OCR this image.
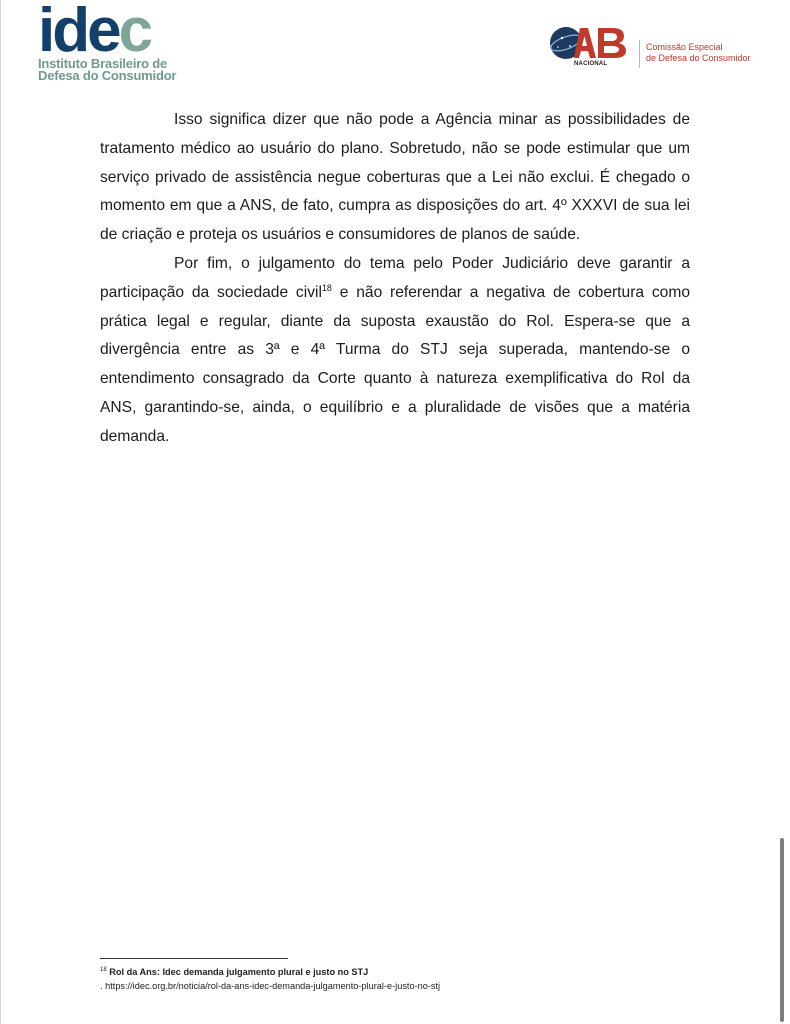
idec
Instituto Brasileiro de
Defesa do Consumidor
NACIONAL
Comissão Especial
de Defesa do Consumidor

Isso significa dizer que não pode a Agência minar as possibilidades de tratamento médico ao usuário do plano. Sobretudo, não se pode estimular que um serviço privado de assistência negue coberturas que a Lei não exclui. É chegado o momento em que a ANS, de fato, cumpra as disposições do art. 4º XXXVI de sua lei de criação e proteja os usuários e consumidores de planos de saúde.

Por fim, o julgamento do tema pelo Poder Judiciário deve garantir a participação da sociedade civil$^{18}$ e não referendar a negativa de cobertura como prática legal e regular, diante da suposta exaustão do Rol. Espera-se que a divergência entre as 3ª e 4ª Turma do STJ seja superada, mantendo-se o entendimento consagrado da Corte quanto à natureza exemplificativa do Rol da ANS, garantindo-se, ainda, o equilíbrio e a pluralidade de visões que a matéria demanda.

$^{18}$ Rol da Ans: Idec demanda julgamento plural e justo no STJ
. https://idec.org.br/noticia/rol-da-ans-idec-demanda-julgamento-plural-e-justo-no-stj
